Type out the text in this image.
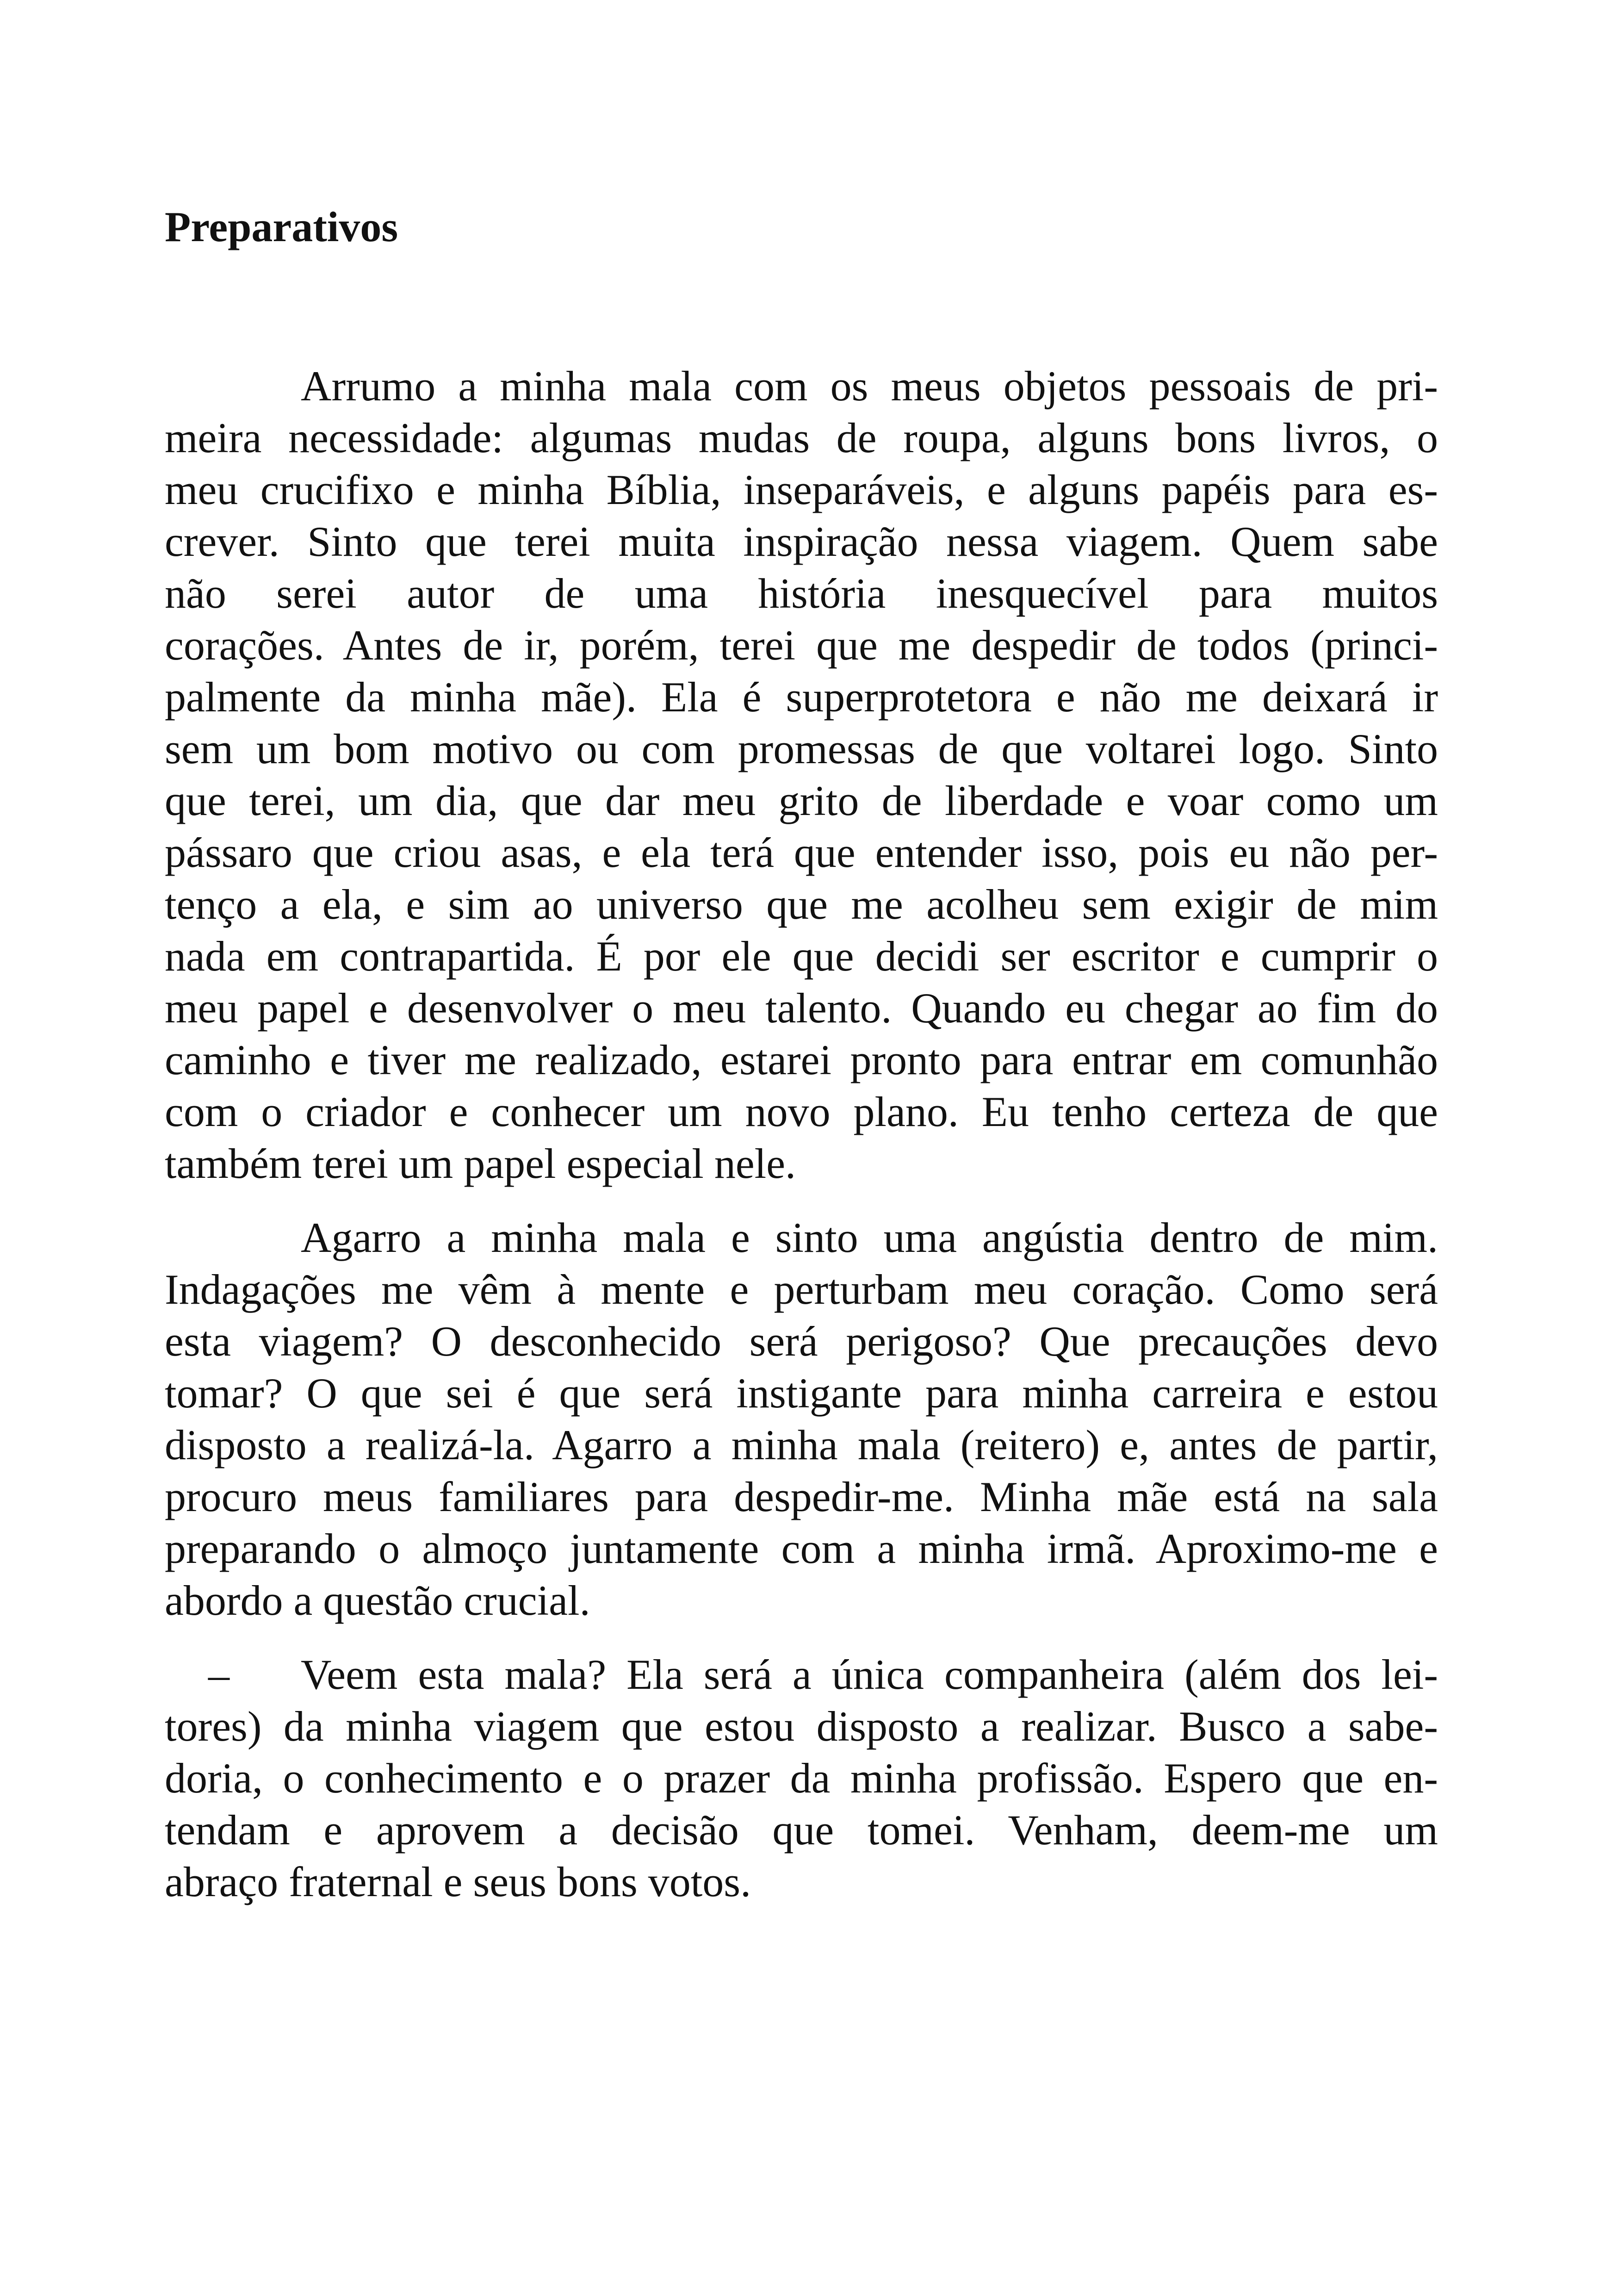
Preparativos

Arrumo a minha mala com os meus objetos pessoais de pri-

meira necessidade: algumas mudas de roupa, alguns bons livros, o

meu crucifixo e minha Bíblia, inseparáveis, e alguns papéis para es-

crever. Sinto que terei muita inspiração nessa viagem. Quem sabe

não serei autor de uma história inesquecível para muitos

corações. Antes de ir, porém, terei que me despedir de todos (princi-

palmente da minha mãe). Ela é superprotetora e não me deixará ir

sem um bom motivo ou com promessas de que voltarei logo. Sinto

que terei, um dia, que dar meu grito de liberdade e voar como um

pássaro que criou asas, e ela terá que entender isso, pois eu não per-

tenço a ela, e sim ao universo que me acolheu sem exigir de mim

nada em contrapartida. É por ele que decidi ser escritor e cumprir o

meu papel e desenvolver o meu talento. Quando eu chegar ao fim do

caminho e tiver me realizado, estarei pronto para entrar em comunhão

com o criador e conhecer um novo plano. Eu tenho certeza de que

também terei um papel especial nele.

Agarro a minha mala e sinto uma angústia dentro de mim.

Indagações me vêm à mente e perturbam meu coração. Como será

esta viagem? O desconhecido será perigoso? Que precauções devo

tomar? O que sei é que será instigante para minha carreira e estou

disposto a realizá-la. Agarro a minha mala (reitero) e, antes de partir,

procuro meus familiares para despedir-me. Minha mãe está na sala

preparando o almoço juntamente com a minha irmã. Aproximo-me e

abordo a questão crucial.

– Veem esta mala? Ela será a única companheira (além dos lei-

tores) da minha viagem que estou disposto a realizar. Busco a sabe-

doria, o conhecimento e o prazer da minha profissão. Espero que en-

tendam e aprovem a decisão que tomei. Venham, deem-me um

abraço fraternal e seus bons votos.
